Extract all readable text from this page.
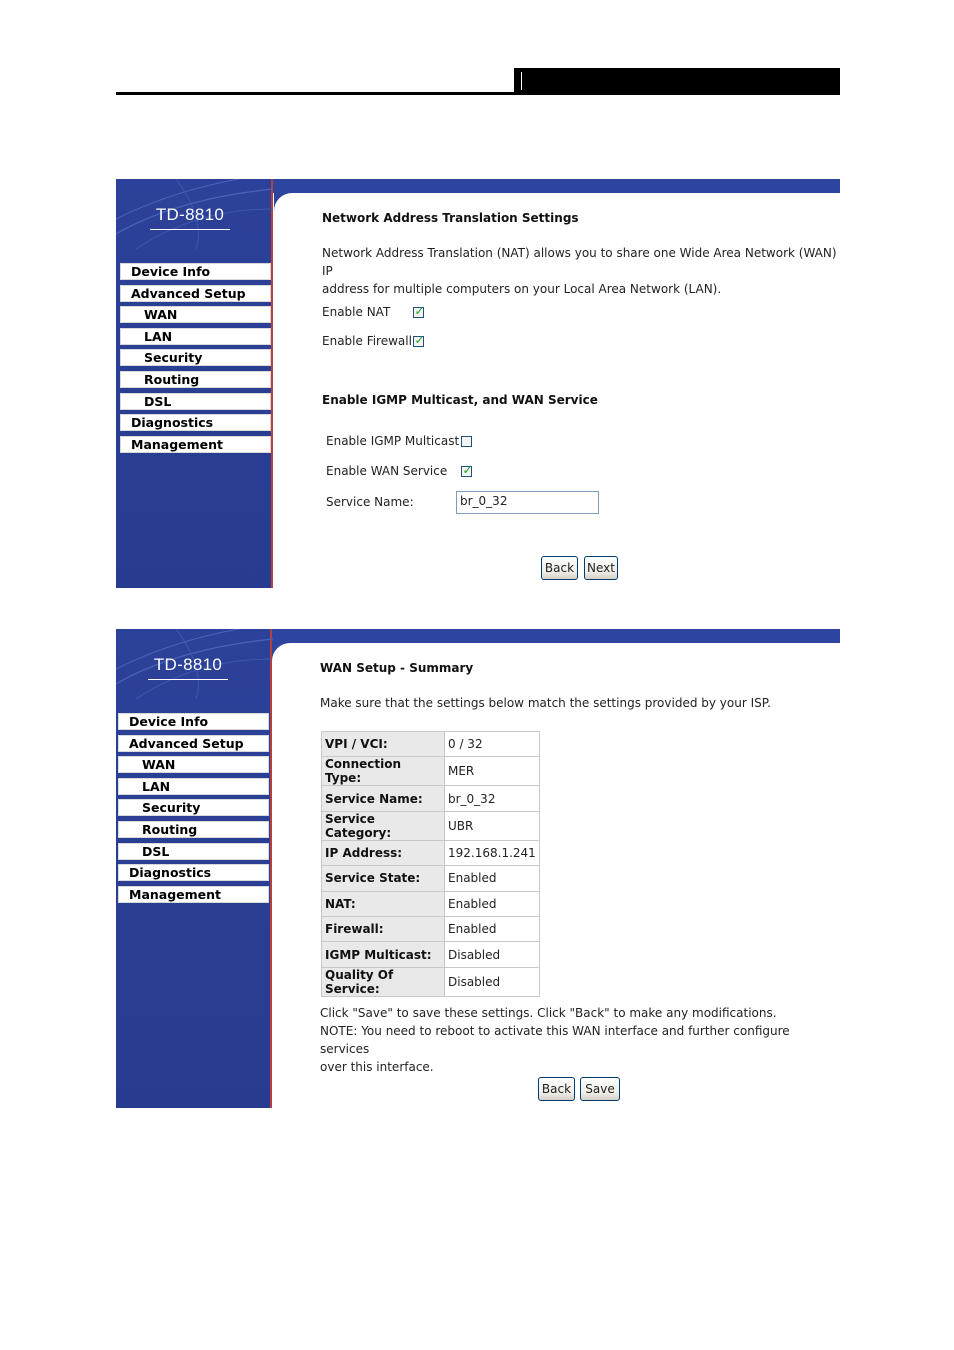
TD-8810
Device Info
Advanced Setup
WAN
LAN
Security
Routing
DSL
Diagnostics
Management
Network Address Translation Settings
Network Address Translation (NAT) allows you to share one Wide Area Network (WAN) IP
address for multiple computers on your Local Area Network (LAN).
Enable NAT ✓
Enable Firewall ✓
Enable IGMP Multicast, and WAN Service
Enable IGMP Multicast
Enable WAN Service ✓
Service Name:	br_0_32
Back	Next
TD-8810
Device Info
Advanced Setup
WAN
LAN
Security
Routing
DSL
Diagnostics
Management
WAN Setup - Summary
Make sure that the settings below match the settings provided by your ISP.
VPI / VCI:	0 / 32
Connection Type:	MER
Service Name:	br_0_32
Service Category:	UBR
IP Address:	192.168.1.241
Service State:	Enabled
NAT:	Enabled
Firewall:	Enabled
IGMP Multicast:	Disabled
Quality Of Service:	Disabled
Click "Save" to save these settings. Click "Back" to make any modifications.
NOTE: You need to reboot to activate this WAN interface and further configure services
over this interface.
Back	Save
